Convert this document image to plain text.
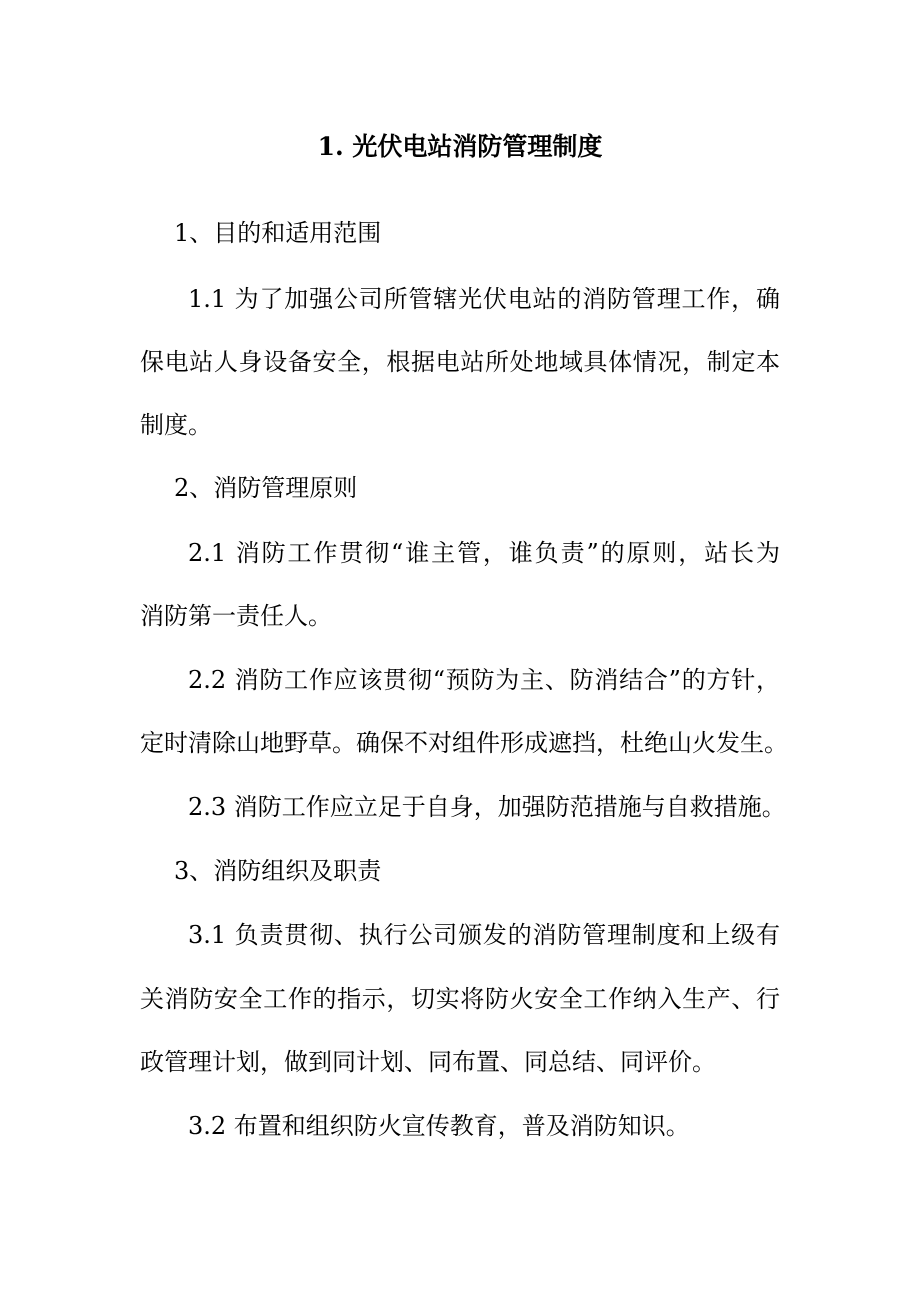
1. 光伏电站消防管理制度

1、目的和适用范围

1.1 为了加强公司所管辖光伏电站的消防管理工作，确

保电站人身设备安全，根据电站所处地域具体情况，制定本

制度。

2、消防管理原则

2.1 消防工作贯彻“谁主管，谁负责”的原则，站长为

消防第一责任人。

2.2 消防工作应该贯彻“预防为主、防消结合”的方针，

定时清除山地野草。确保不对组件形成遮挡，杜绝山火发生。

2.3 消防工作应立足于自身，加强防范措施与自救措施。

3、消防组织及职责

3.1 负责贯彻、执行公司颁发的消防管理制度和上级有

关消防安全工作的指示，切实将防火安全工作纳入生产、行

政管理计划，做到同计划、同布置、同总结、同评价。

3.2 布置和组织防火宣传教育，普及消防知识。
